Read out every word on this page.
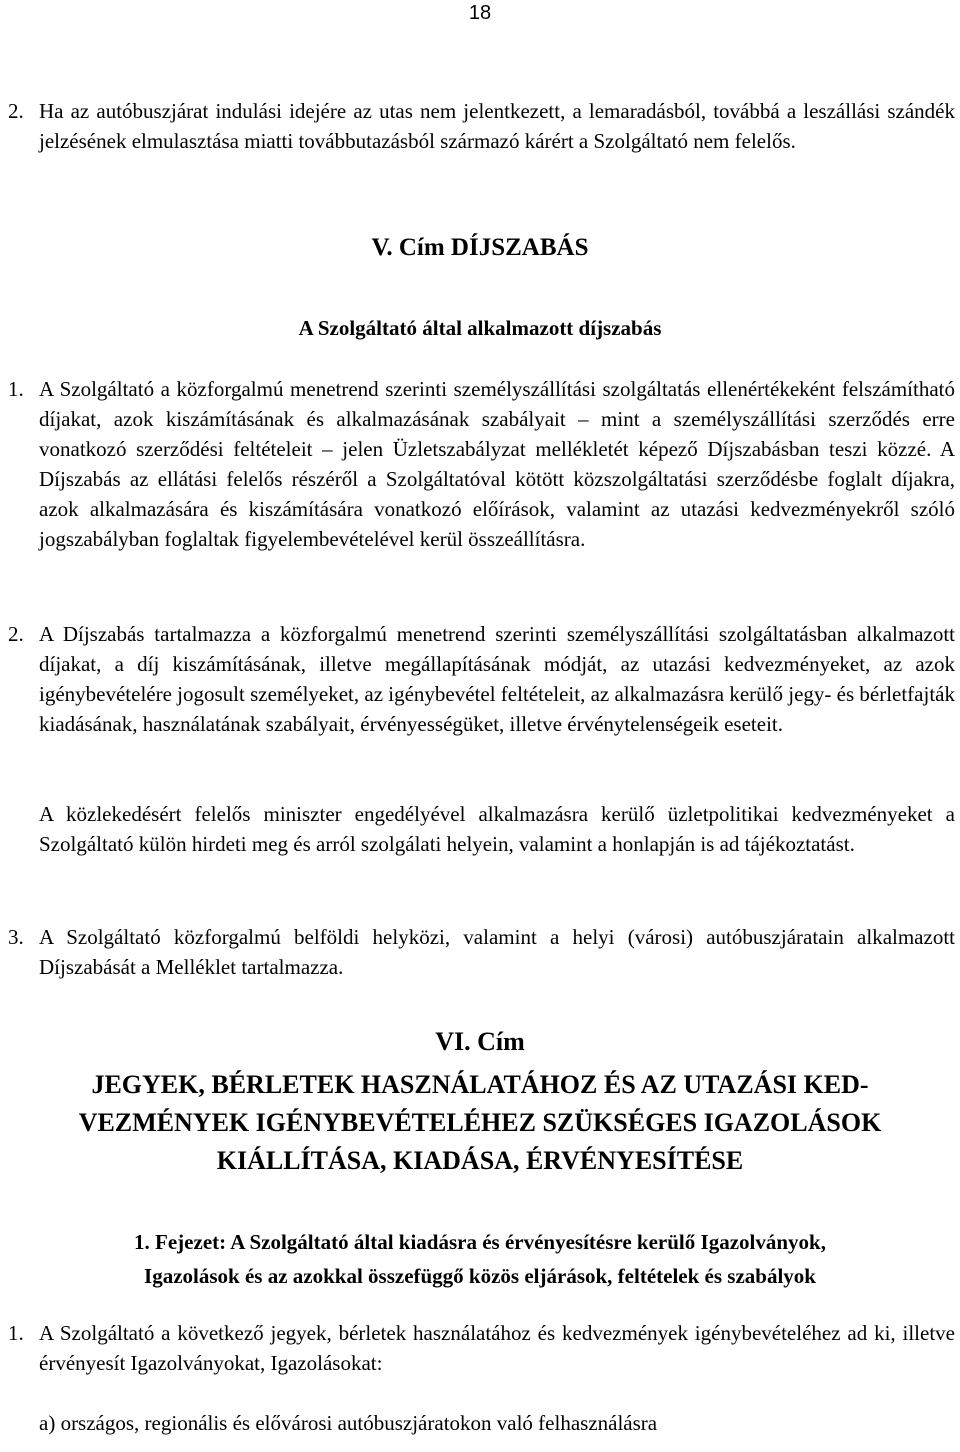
18

2. Ha az autóbuszjárat indulási idejére az utas nem jelentkezett, a lemaradásból, továbbá a leszállási szándék jelzésének elmulasztása miatti továbbutazásból származó kárért a Szolgáltató nem felelős.

V. Cím DÍJSZABÁS
A Szolgáltató által alkalmazott díjszabás

1. A Szolgáltató a közforgalmú menetrend szerinti személyszállítási szolgáltatás ellenértékeként felszámítható díjakat, azok kiszámításának és alkalmazásának szabályait – mint a személyszállítási szerződés erre vonatkozó szerződési feltételeit – jelen Üzletszabályzat mellékletét képező Díjszabásban teszi közzé. A Díjszabás az ellátási felelős részéről a Szolgáltatóval kötött közszolgáltatási szerződésbe foglalt díjakra, azok alkalmazására és kiszámítására vonatkozó előírások, valamint az utazási kedvezményekről szóló jogszabályban foglaltak figyelembevételével kerül összeállításra.

2. A Díjszabás tartalmazza a közforgalmú menetrend szerinti személyszállítási szolgáltatásban alkalmazott díjakat, a díj kiszámításának, illetve megállapításának módját, az utazási kedvezményeket, az azok igénybevételére jogosult személyeket, az igénybevétel feltételeit, az alkalmazásra kerülő jegy- és bérletfajták kiadásának, használatának szabályait, érvényességüket, illetve érvénytelenségeik eseteit.

A közlekedésért felelős miniszter engedélyével alkalmazásra kerülő üzletpolitikai kedvezményeket a Szolgáltató külön hirdeti meg és arról szolgálati helyein, valamint a honlapján is ad tájékoztatást.

3. A Szolgáltató közforgalmú belföldi helyközi, valamint a helyi (városi) autóbuszjáratain alkalmazott Díjszabását a Melléklet tartalmazza.

VI. Cím
JEGYEK, BÉRLETEK HASZNÁLATÁHOZ ÉS AZ UTAZÁSI KED-
VEZMÉNYEK IGÉNYBEVÉTELÉHEZ SZÜKSÉGES IGAZOLÁSOK
KIÁLLÍTÁSA, KIADÁSA, ÉRVÉNYESÍTÉSE
1. Fejezet: A Szolgáltató által kiadásra és érvényesítésre kerülő Igazolványok,
Igazolások és az azokkal összefüggő közös eljárások, feltételek és szabályok

1. A Szolgáltató a következő jegyek, bérletek használatához és kedvezmények igénybevételéhez ad ki, illetve érvényesít Igazolványokat, Igazolásokat:

a) országos, regionális és elővárosi autóbuszjáratokon való felhasználásra
